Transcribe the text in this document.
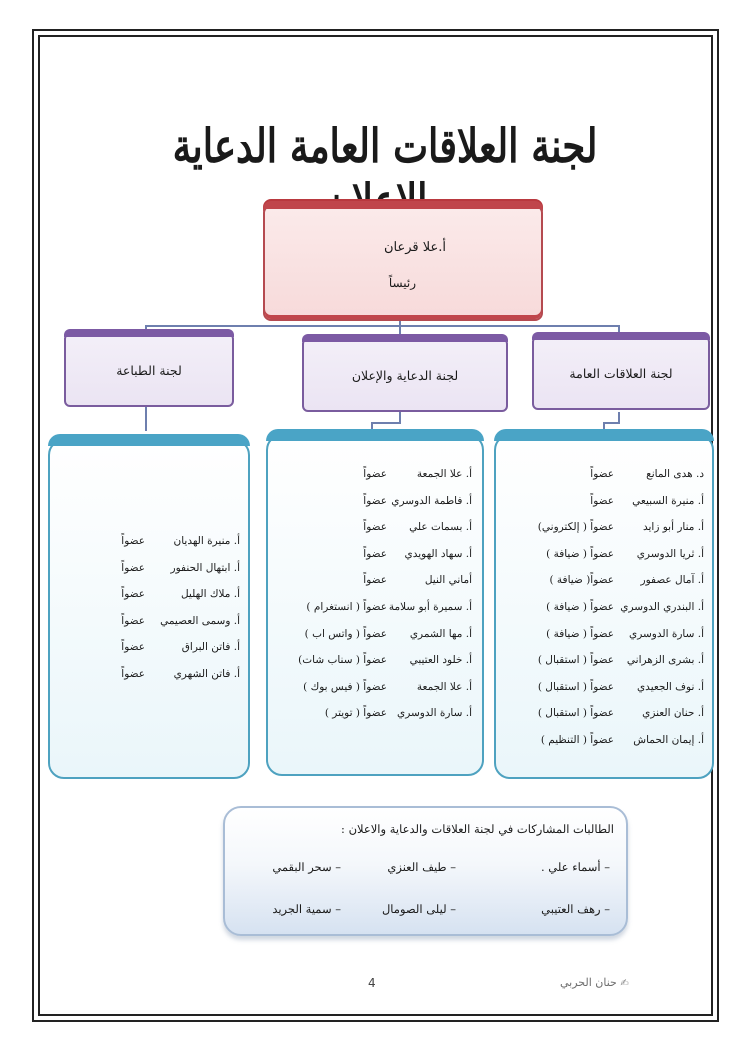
لجنة العلاقات العامة الدعاية
أ.علا قرعان
رئيساً
لجنة الطباعة	لجنة الدعاية والإعلان	لجنة العلاقات العامة
أ. منيرة الهديان
عضواً
أ. ابتهال الحنفور
عضواً
أ. ملاك الهليل
عضواً
أ. وسمى العصيمي
عضواً
أ. فاتن البراق
عضواً
أ. فاتن الشهري
عضواً
أ. علا الجمعة
عضواً
أ. فاطمة الدوسري
عضواً
أ. بسمات علي
عضواً
أ. سهاد الهويدي
عضواً
أماني النيل
عضواً
أ. سميرة أبو سلامة
عضواً ( انستغرام )
أ. مها الشمري
عضواً ( واتس اب )
أ. خلود العتيبي
عضواً ( سناب شات)
أ. علا الجمعة
عضواً ( فيس بوك )
أ. سارة الدوسري
عضواً ( تويتر )
د. هدى المانع
عضواً
أ. منيرة السبيعي
عضواً
أ. منار أبو زايد
عضواً ( إلكتروني)
أ. ثريا الدوسري
عضواً ( ضيافة )
أ. آمال عصفور
عضواً( ضيافة )
أ. البندري الدوسري
عضواً ( ضيافة )
أ. سارة الدوسري
عضواً ( ضيافة )
أ. بشرى الزهراني
عضواً ( استقبال )
أ. نوف الجعيدي
عضواً ( استقبال )
أ. حنان العنزي
عضواً ( استقبال )
أ. إيمان الحماش
عضواً ( التنظيم )
الطالبات المشاركات في لجنة العلاقات والدعاية والاعلان :
– أسماء علي .
– طيف العنزي
– سحر البقمي
– رهف العتيبي
– ليلى الصومال
– سمية الجريد
✍ حنان الحربي
4
